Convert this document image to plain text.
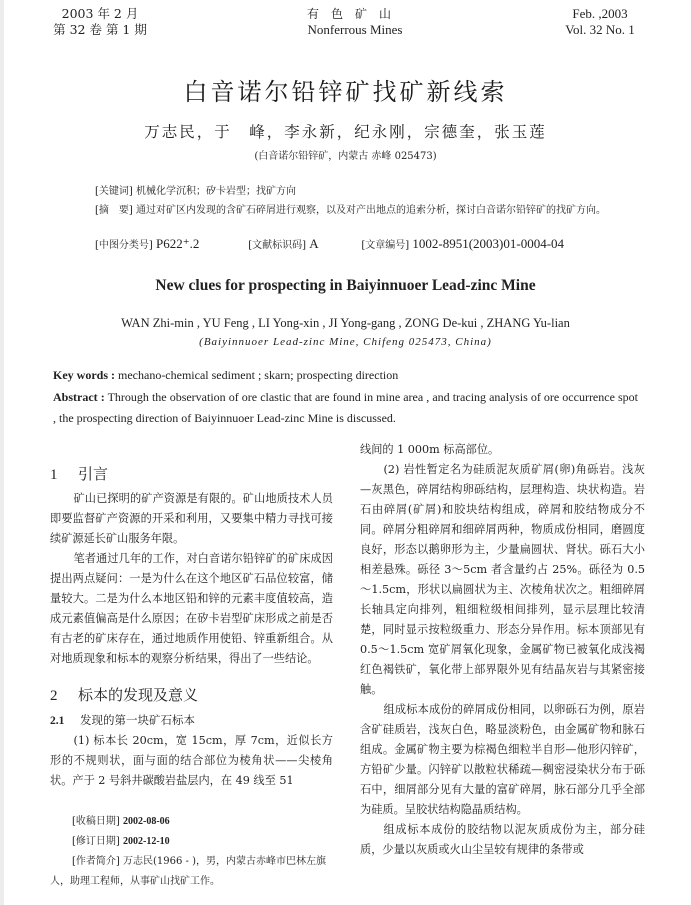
2003 年 2 月
第 32 卷 第 1 期
有色矿山
Nonferrous Mines
Feb. ,2003
Vol. 32 No. 1
白音诺尔铅锌矿找矿新线索
万志民，于　峰，李永新，纪永刚，宗德奎，张玉莲
(白音诺尔铅锌矿，内蒙古 赤峰 025473)
[关键词] 机械化学沉积；矽卡岩型；找矿方向
[摘　要] 通过对矿区内发现的含矿石碎屑进行观察，以及对产出地点的追索分析，探讨白音诺尔铅锌矿的找矿方向。
[中图分类号] P622⁺.2	[文献标识码] A	[文章编号] 1002-8951(2003)01-0004-04
New clues for prospecting in Baiyinnuoer Lead-zinc Mine
WAN Zhi-min , YU Feng , LI Yong-xin , JI Yong-gang , ZONG De-kui , ZHANG Yu-lian
(Baiyinnuoer Lead-zinc Mine, Chifeng 025473, China)
Key words : mechano-chemical sediment ; skarn; prospecting direction
Abstract : Through the observation of ore clastic that are found in mine area , and tracing analysis of ore occurrence spot , the prospecting direction of Baiyinnuoer Lead-zinc Mine is discussed.
1 引言

矿山已探明的矿产资源是有限的。矿山地质技术人员即要监督矿产资源的开采和利用，又要集中精力寻找可接续矿源延长矿山服务年限。

笔者通过几年的工作，对白音诺尔铅锌矿的矿床成因提出两点疑问：一是为什么在这个地区矿石品位较富，储量较大。二是为什么本地区铅和锌的元素丰度值较高，造成元素值偏高是什么原因；在矽卡岩型矿床形成之前是否有古老的矿床存在，通过地质作用使铅、锌重新组合。从对地质现象和标本的观察分析结果，得出了一些结论。

2 标本的发现及意义
2.1 发现的第一块矿石标本

(1) 标本长 20cm，宽 15cm，厚 7cm，近似长方形的不规则状，面与面的结合部位为棱角状——尖棱角状。产于 2 号斜井碳酸岩盐层内，在 49 线至 51

[收稿日期] 2002-08-06

[修订日期] 2002-12-10

[作者简介] 万志民(1966 - )，男，内蒙古赤峰市巴林左旗人，助理工程师，从事矿山找矿工作。

线间的 1 000m 标高部位。

(2) 岩性暂定名为硅质泥灰质矿屑(卵)角砾岩。浅灰—灰黑色，碎屑结构卵砾结构，层理构造、块状构造。岩石由碎屑(矿屑)和胶块结构组成，碎屑和胶结物成分不同。碎屑分粗碎屑和细碎屑两种，物质成份相同，磨圆度良好，形态以鹅卵形为主，少量扁圆状、肾状。砾石大小相差悬殊。砾径 3～5cm 者含量约占 25%。砾径为 0.5～1.5cm，形状以扁圆状为主、次棱角状次之。粗细碎屑长轴具定向排列，粗细粒级相间排列，显示层理比较清楚，同时显示按粒级重力、形态分异作用。标本顶部见有0.5～1.5cm 宽矿屑氧化现象，金属矿物已被氧化成浅褐红色褐铁矿，氧化带上部界限外见有结晶灰岩与其紧密接触。

组成标本成份的碎屑成份相同，以卵砾石为例，原岩含矿硅质岩，浅灰白色，略显淡粉色，由金属矿物和脉石组成。金属矿物主要为棕褐色细粒半自形—他形闪锌矿，方铅矿少量。闪锌矿以散粒状稀疏—稠密浸染状分布于砾石中，细屑部分见有大量的富矿碎屑，脉石部分几乎全部为硅质。呈胶状结构隐晶质结构。

组成标本成份的胶结物以泥灰质成份为主，部分硅质，少量以灰质或火山尘呈较有规律的条带或
